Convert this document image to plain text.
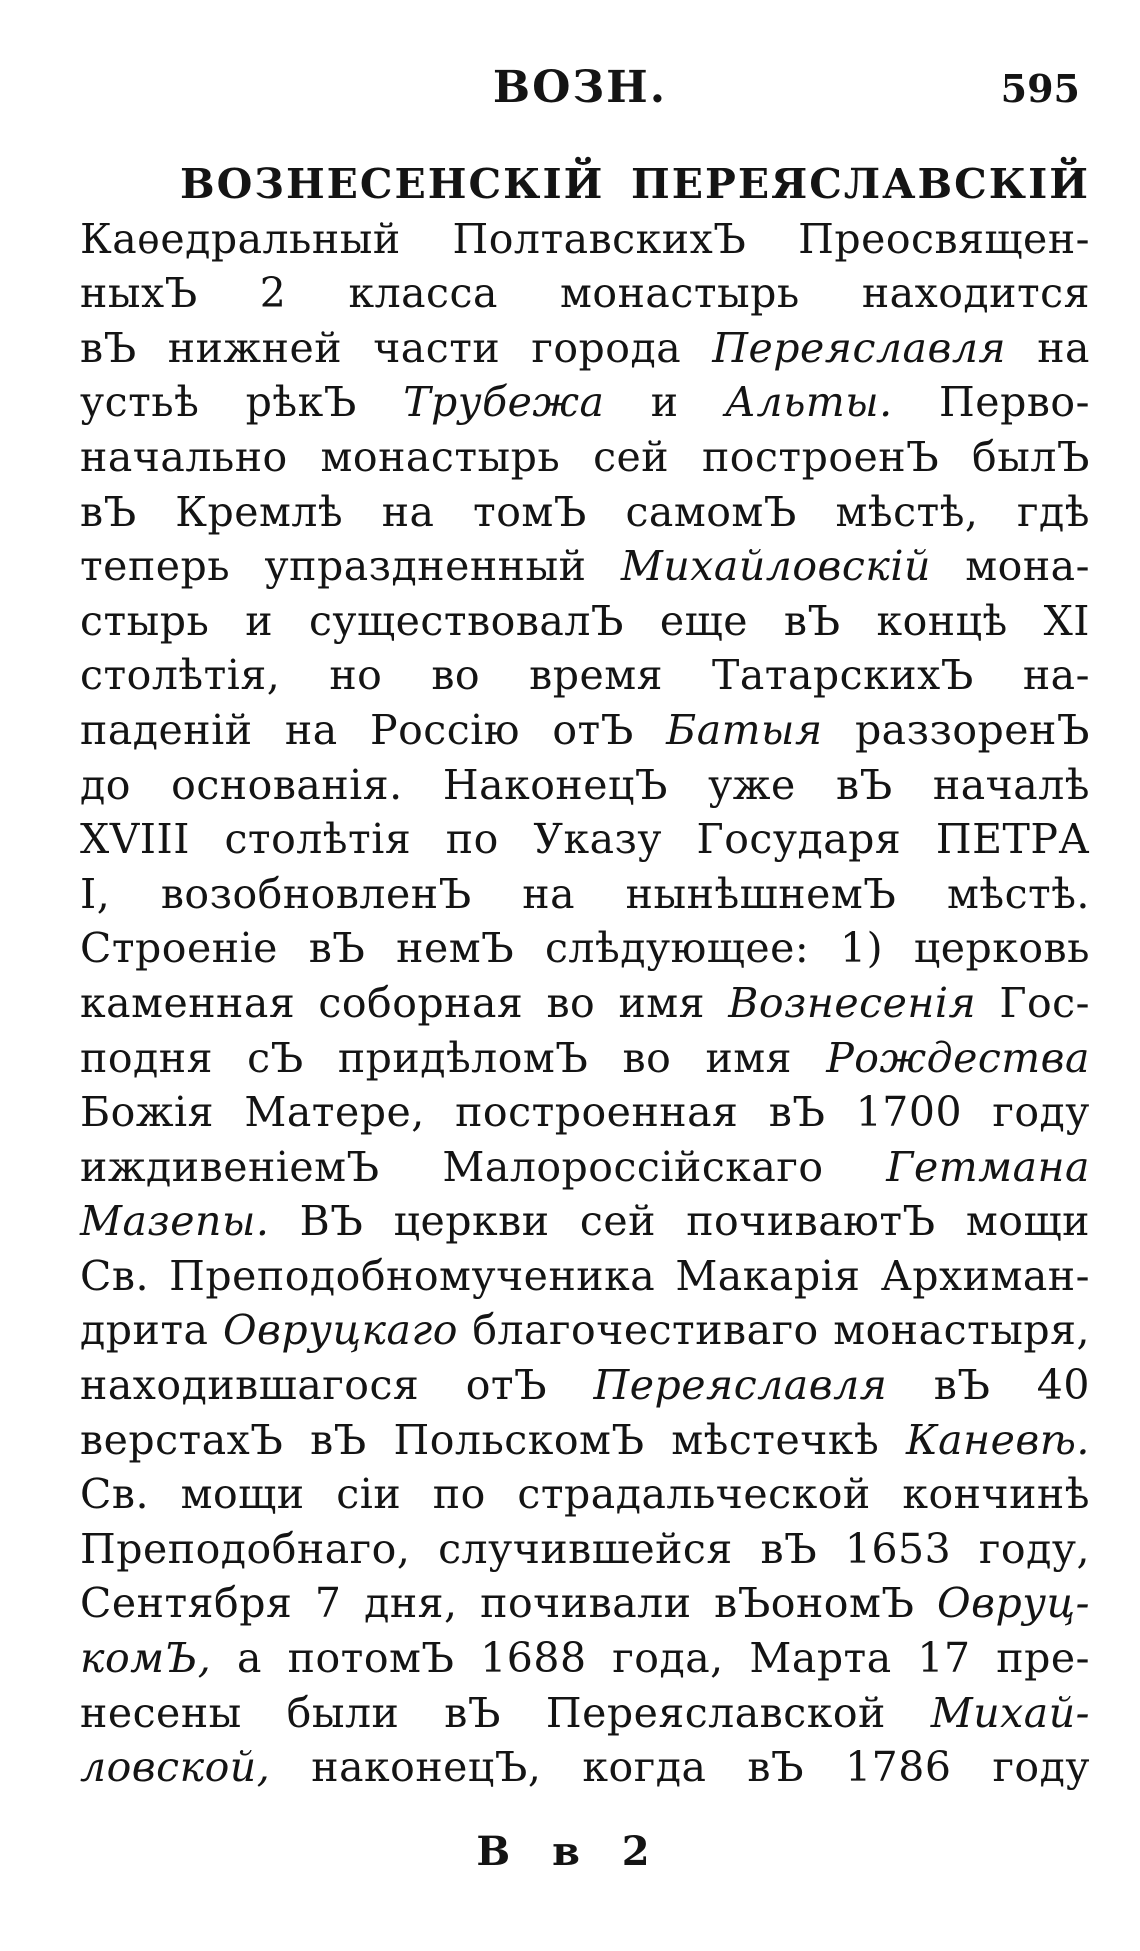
ВОЗН.	595
ВОЗНЕСЕНСКIЙ ПЕРЕЯСЛАВСКIЙ
Каѳедральный ПолтавскихЪ Преосвящен-
ныхЪ 2 класса монастырь находится
вЪ нижней части города Переяславля на
устьѣ рѣкЪ Трубежа и Альты. Перво-
начально монастырь сей построенЪ былЪ
вЪ Кремлѣ на томЪ самомЪ мѣстѣ, гдѣ
теперь упраздненный Михайловскій мона-
стырь и существовалЪ еще вЪ концѣ XI
столѣтія, но во время ТатарскихЪ на-
паденій на Россію отЪ Батыя раззоренЪ
до основанія. НаконецЪ уже вЪ началѣ
XVIII столѣтія по Указу Государя ПЕТРА
I, возобновленЪ на нынѣшнемЪ мѣстѣ.
Строеніе вЪ немЪ слѣдующее: 1) церковь
каменная соборная во имя Вознесенія Гос-
подня сЪ придѣломЪ во имя Рождества
Божія Матере, построенная вЪ 1700 году
иждивеніемЪ Малороссійскаго Гетмана
Мазепы. ВЪ церкви сей почиваютЪ мощи
Св. Преподобномученика Макарія Архиман-
дрита Овруцкаго благочестиваго монастыря,
находившагося отЪ Переяславля вЪ 40
верстахЪ вЪ ПольскомЪ мѣстечкѣ Каневѣ.
Св. мощи сіи по страдальческой кончинѣ
Преподобнаго, случившейся вЪ 1653 году,
Сентября 7 дня, почивали вЪономЪ Овруц-
комЪ, а потомЪ 1688 года, Марта 17 пре-
несены были вЪ Переяславской Михай-
ловской, наконецЪ, когда вЪ 1786 году
В в 2
